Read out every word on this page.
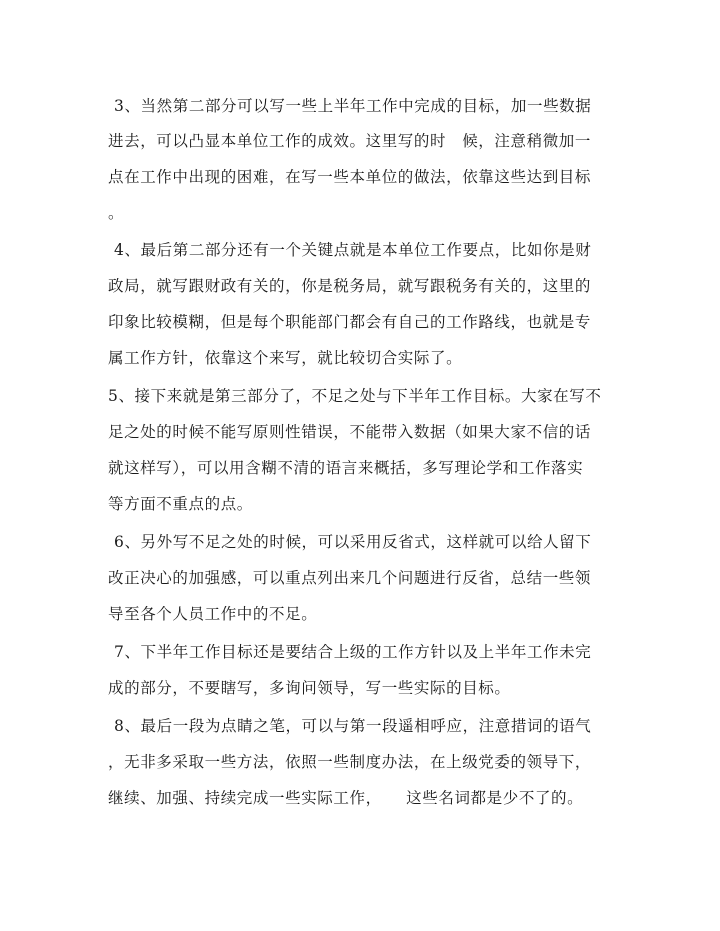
3、当然第二部分可以写一些上半年工作中完成的目标，加一些数据
进去，可以凸显本单位工作的成效。这里写的时　候，注意稍微加一
点在工作中出现的困难，在写一些本单位的做法，依靠这些达到目标
。
4、最后第二部分还有一个关键点就是本单位工作要点，比如你是财
政局，就写跟财政有关的，你是税务局，就写跟税务有关的，这里的
印象比较模糊，但是每个职能部门都会有自己的工作路线，也就是专
属工作方针，依靠这个来写，就比较切合实际了。
5、接下来就是第三部分了，不足之处与下半年工作目标。大家在写不
足之处的时候不能写原则性错误，不能带入数据（如果大家不信的话
就这样写），可以用含糊不清的语言来概括，多写理论学和工作落实
等方面不重点的点。
6、另外写不足之处的时候，可以采用反省式，这样就可以给人留下
改正决心的加强感，可以重点列出来几个问题进行反省，总结一些领
导至各个人员工作中的不足。
7、下半年工作目标还是要结合上级的工作方针以及上半年工作未完
成的部分，不要瞎写，多询问领导，写一些实际的目标。
8、最后一段为点睛之笔，可以与第一段遥相呼应，注意措词的语气
，无非多采取一些方法，依照一些制度办法，在上级党委的领导下，
继续、加强、持续完成一些实际工作，　　这些名词都是少不了的。
